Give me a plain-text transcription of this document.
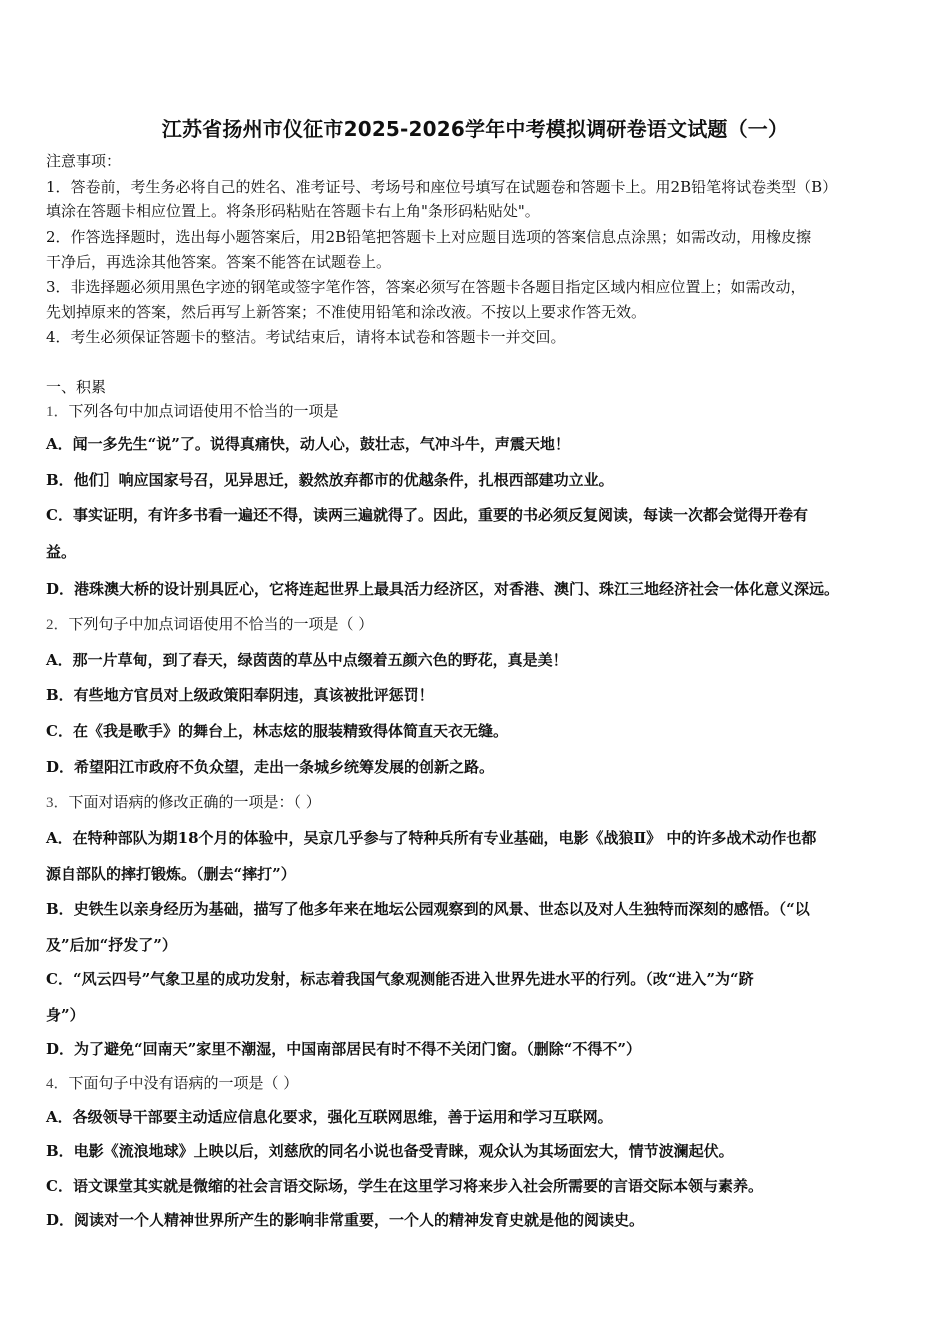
江苏省扬州市仪征市2025-2026学年中考模拟调研卷语文试题（一）
注意事项：
1．答卷前，考生务必将自己的姓名、准考证号、考场号和座位号填写在试题卷和答题卡上。用2B铅笔将试卷类型（B）
填涂在答题卡相应位置上。将条形码粘贴在答题卡右上角"条形码粘贴处"。
2．作答选择题时，选出每小题答案后，用2B铅笔把答题卡上对应题目选项的答案信息点涂黑；如需改动，用橡皮擦
干净后，再选涂其他答案。答案不能答在试题卷上。
3．非选择题必须用黑色字迹的钢笔或签字笔作答，答案必须写在答题卡各题目指定区域内相应位置上；如需改动，
先划掉原来的答案，然后再写上新答案；不准使用铅笔和涂改液。不按以上要求作答无效。
4．考生必须保证答题卡的整洁。考试结束后，请将本试卷和答题卡一并交回。
一、积累
1．下列各句中加点词语使用不恰当的一项是
A．闻一多先生“说”了。说得真痛快，动人心，鼓壮志，气冲斗牛，声震天地！
B．他们］响应国家号召，见异思迁，毅然放弃都市的优越条件，扎根西部建功立业。
C．事实证明，有许多书看一遍还不得，读两三遍就得了。因此，重要的书必须反复阅读，每读一次都会觉得开卷有
益。
D．港珠澳大桥的设计别具匠心，它将连起世界上最具活力经济区，对香港、澳门、珠江三地经济社会一体化意义深远。
2．下列句子中加点词语使用不恰当的一项是（ ）
A．那一片草甸，到了春天，绿茵茵的草丛中点缀着五颜六色的野花，真是美！
B．有些地方官员对上级政策阳奉阴违，真该被批评惩罚！
C．在《我是歌手》的舞台上，林志炫的服装精致得体简直天衣无缝。
D．希望阳江市政府不负众望，走出一条城乡统筹发展的创新之路。
3．下面对语病的修改正确的一项是：（ ）
A．在特种部队为期18个月的体验中，吴京几乎参与了特种兵所有专业基础，电影《战狼Ⅱ》 中的许多战术动作也都
源自部队的摔打锻炼。（删去“摔打”）
B．史铁生以亲身经历为基础，描写了他多年来在地坛公园观察到的风景、世态以及对人生独特而深刻的感悟。（“以
及”后加“抒发了”）
C．“风云四号”气象卫星的成功发射，标志着我国气象观测能否进入世界先进水平的行列。（改“进入”为“跻
身”）
D．为了避免“回南天”家里不潮湿，中国南部居民有时不得不关闭门窗。（删除“不得不”）
4．下面句子中没有语病的一项是（ ）
A．各级领导干部要主动适应信息化要求，强化互联网思维，善于运用和学习互联网。
B．电影《流浪地球》上映以后，刘慈欣的同名小说也备受青睐，观众认为其场面宏大，情节波澜起伏。
C．语文课堂其实就是微缩的社会言语交际场，学生在这里学习将来步入社会所需要的言语交际本领与素养。
D．阅读对一个人精神世界所产生的影响非常重要，一个人的精神发育史就是他的阅读史。
